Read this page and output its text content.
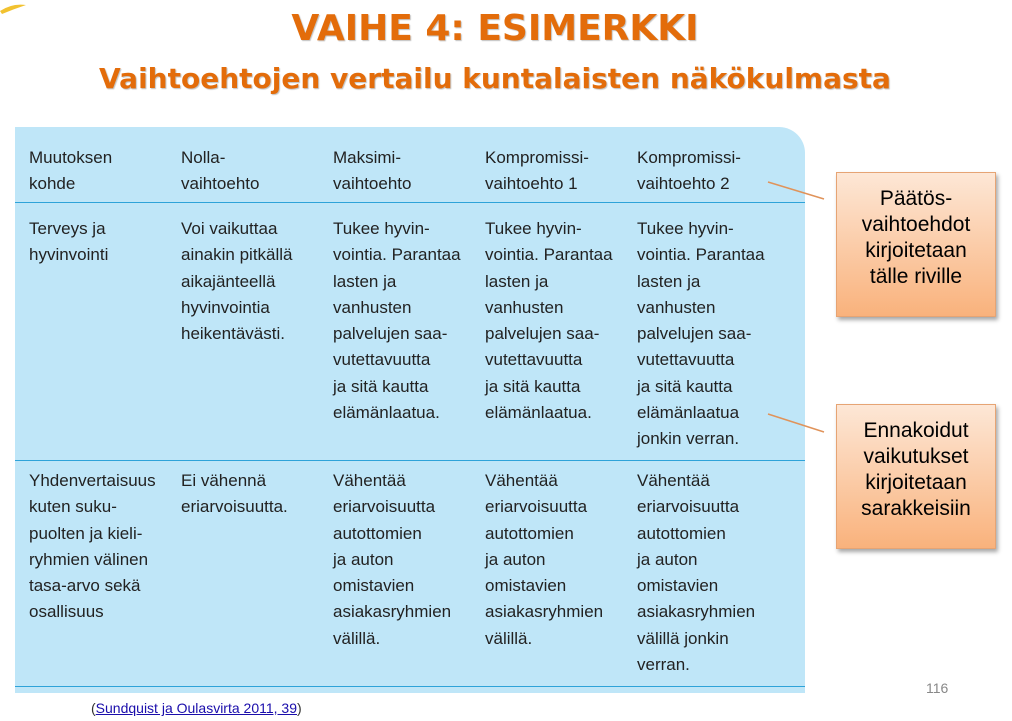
VAIHE 4: ESIMERKKI
Vaihtoehtojen vertailu kuntalaisten näkökulmasta
Muutoksen
kohde
Nolla-
vaihtoehto
Maksimi-
vaihtoehto
Kompromissi-
vaihtoehto 1
Kompromissi-
vaihtoehto 2
Terveys ja
hyvinvointi
Voi vaikuttaa
ainakin pitkällä
aikajänteellä
hyvinvointia
heikentävästi.
Tukee hyvin-
vointia. Parantaa
lasten ja
vanhusten
palvelujen saa-
vutettavuutta
ja sitä kautta
elämänlaatua.
Tukee hyvin-
vointia. Parantaa
lasten ja
vanhusten
palvelujen saa-
vutettavuutta
ja sitä kautta
elämänlaatua.
Tukee hyvin-
vointia. Parantaa
lasten ja
vanhusten
palvelujen saa-
vutettavuutta
ja sitä kautta
elämänlaatua
jonkin verran.
Yhdenvertaisuus
kuten suku-
puolten ja kieli-
ryhmien välinen
tasa-arvo sekä
osallisuus
Ei vähennä
eriarvoisuutta.
Vähentää
eriarvoisuutta
autottomien
ja auton
omistavien
asiakasryhmien
välillä.
Vähentää
eriarvoisuutta
autottomien
ja auton
omistavien
asiakasryhmien
välillä.
Vähentää
eriarvoisuutta
autottomien
ja auton
omistavien
asiakasryhmien
välillä jonkin
verran.
Päätös-
vaihtoehdot
kirjoitetaan
tälle riville
Ennakoidut
vaikutukset
kirjoitetaan
sarakkeisiin
116
(Sundquist ja Oulasvirta 2011, 39)
